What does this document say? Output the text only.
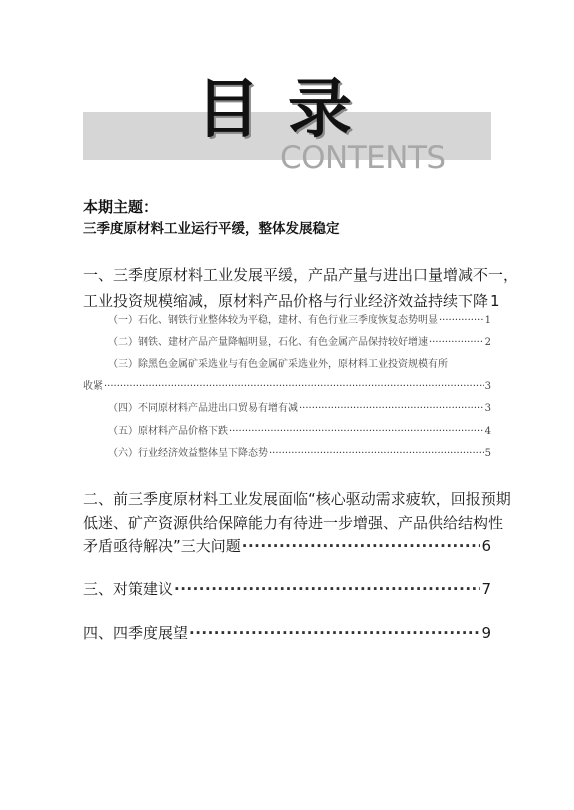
目录
CONTENTS
本期主题：
三季度原材料工业运行平缓，整体发展稳定
一、三季度原材料工业发展平缓，产品产量与进出口量增减不一，
工业投资规模缩减，原材料产品价格与行业经济效益持续下降 1
（一）石化、钢铁行业整体较为平稳，建材、有色行业三季度恢复态势明显 ·····	1
（二）钢铁、建材产品产量降幅明显，石化、有色金属产品保持较好增速 ·····	2
（三）除黑色金属矿采选业与有色金属矿采选业外，原材料工业投资规模有所
收紧 ·····	3
（四）不同原材料产品进出口贸易有增有减 ·····	3
（五）原材料产品价格下跌 ·····	4
（六）行业经济效益整体呈下降态势 ·····	5
二、前三季度原材料工业发展面临“核心驱动需求疲软，回报预期
低迷、矿产资源供给保障能力有待进一步增强、产品供给结构性
矛盾亟待解决”三大问题 ·····	6
三、对策建议 ·····	7
四、四季度展望 ·····	9
